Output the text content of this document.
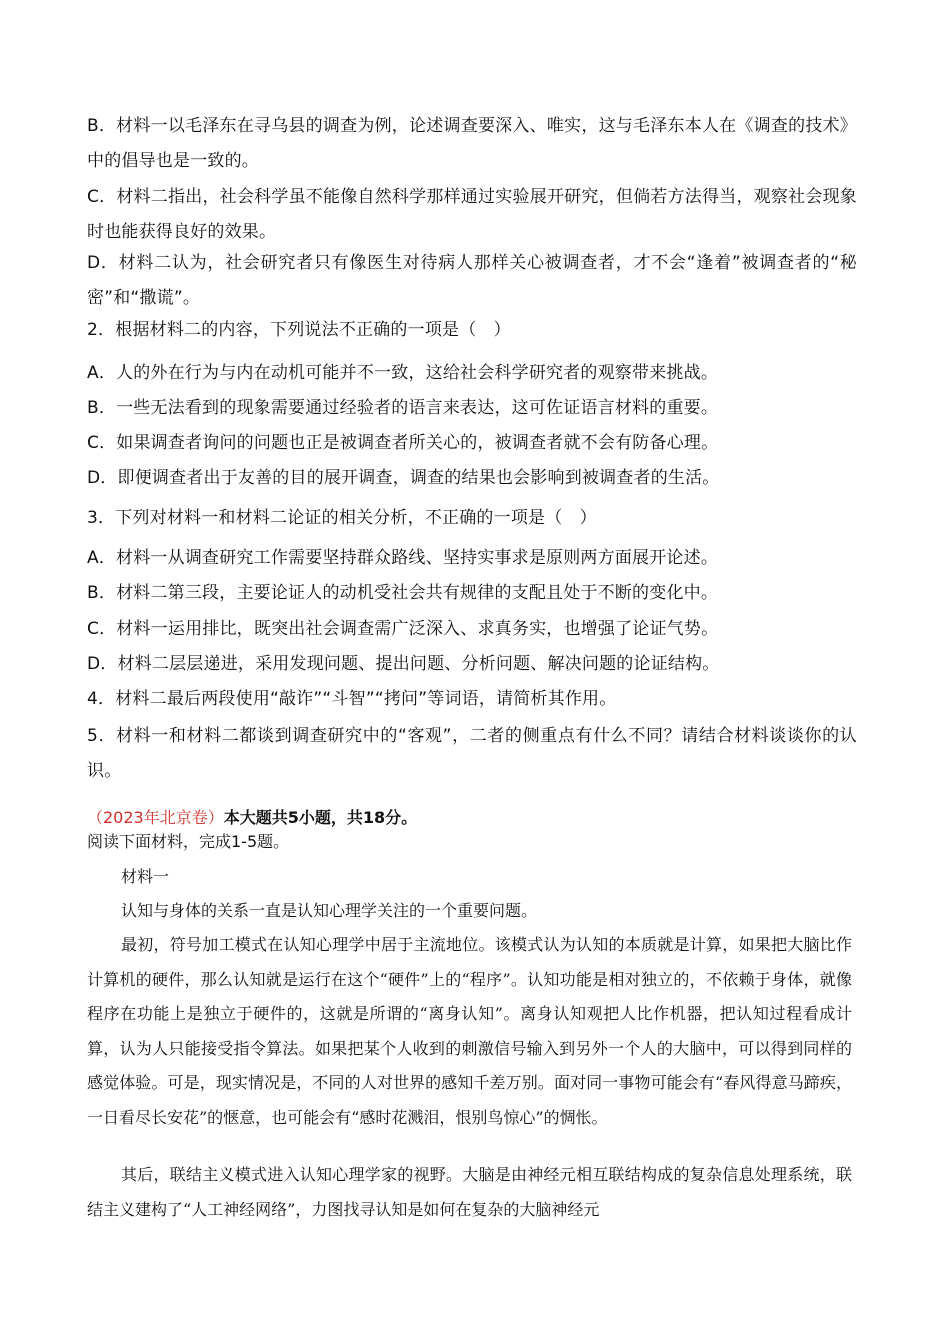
B．材料一以毛泽东在寻乌县的调查为例，论述调查要深入、唯实，这与毛泽东本人在《调查的技术》中的倡导也是一致的。
C．材料二指出，社会科学虽不能像自然科学那样通过实验展开研究，但倘若方法得当，观察社会现象时也能获得良好的效果。
D．材料二认为，社会研究者只有像医生对待病人那样关心被调查者，才不会“逢着”被调查者的“秘密”和“撒谎”。
2．根据材料二的内容，下列说法不正确的一项是（　）
A．人的外在行为与内在动机可能并不一致，这给社会科学研究者的观察带来挑战。
B．一些无法看到的现象需要通过经验者的语言来表达，这可佐证语言材料的重要。
C．如果调查者询问的问题也正是被调查者所关心的，被调查者就不会有防备心理。
D．即便调查者出于友善的目的展开调查，调查的结果也会影响到被调查者的生活。
3．下列对材料一和材料二论证的相关分析，不正确的一项是（　）
A．材料一从调查研究工作需要坚持群众路线、坚持实事求是原则两方面展开论述。
B．材料二第三段，主要论证人的动机受社会共有规律的支配且处于不断的变化中。
C．材料一运用排比，既突出社会调查需广泛深入、求真务实，也增强了论证气势。
D．材料二层层递进，采用发现问题、提出问题、分析问题、解决问题的论证结构。
4．材料二最后两段使用“敲诈”“斗智”“拷问”等词语，请简析其作用。
5．材料一和材料二都谈到调查研究中的“客观”，二者的侧重点有什么不同？请结合材料谈谈你的认识。
（2023年北京卷）本大题共5小题，共18分。
阅读下面材料，完成1-5题。
材料一
认知与身体的关系一直是认知心理学关注的一个重要问题。
最初，符号加工模式在认知心理学中居于主流地位。该模式认为认知的本质就是计算，如果把大脑比作计算机的硬件，那么认知就是运行在这个“硬件”上的“程序”。认知功能是相对独立的，不依赖于身体，就像程序在功能上是独立于硬件的，这就是所谓的“离身认知”。离身认知观把人比作机器，把认知过程看成计算，认为人只能接受指令算法。如果把某个人收到的刺激信号输入到另外一个人的大脑中，可以得到同样的感觉体验。可是，现实情况是，不同的人对世界的感知千差万别。面对同一事物可能会有“春风得意马蹄疾，一日看尽长安花”的惬意，也可能会有“感时花溅泪，恨别鸟惊心”的惆怅。
其后，联结主义模式进入认知心理学家的视野。大脑是由神经元相互联结构成的复杂信息处理系统，联结主义建构了“人工神经网络”，力图找寻认知是如何在复杂的大脑神经元
